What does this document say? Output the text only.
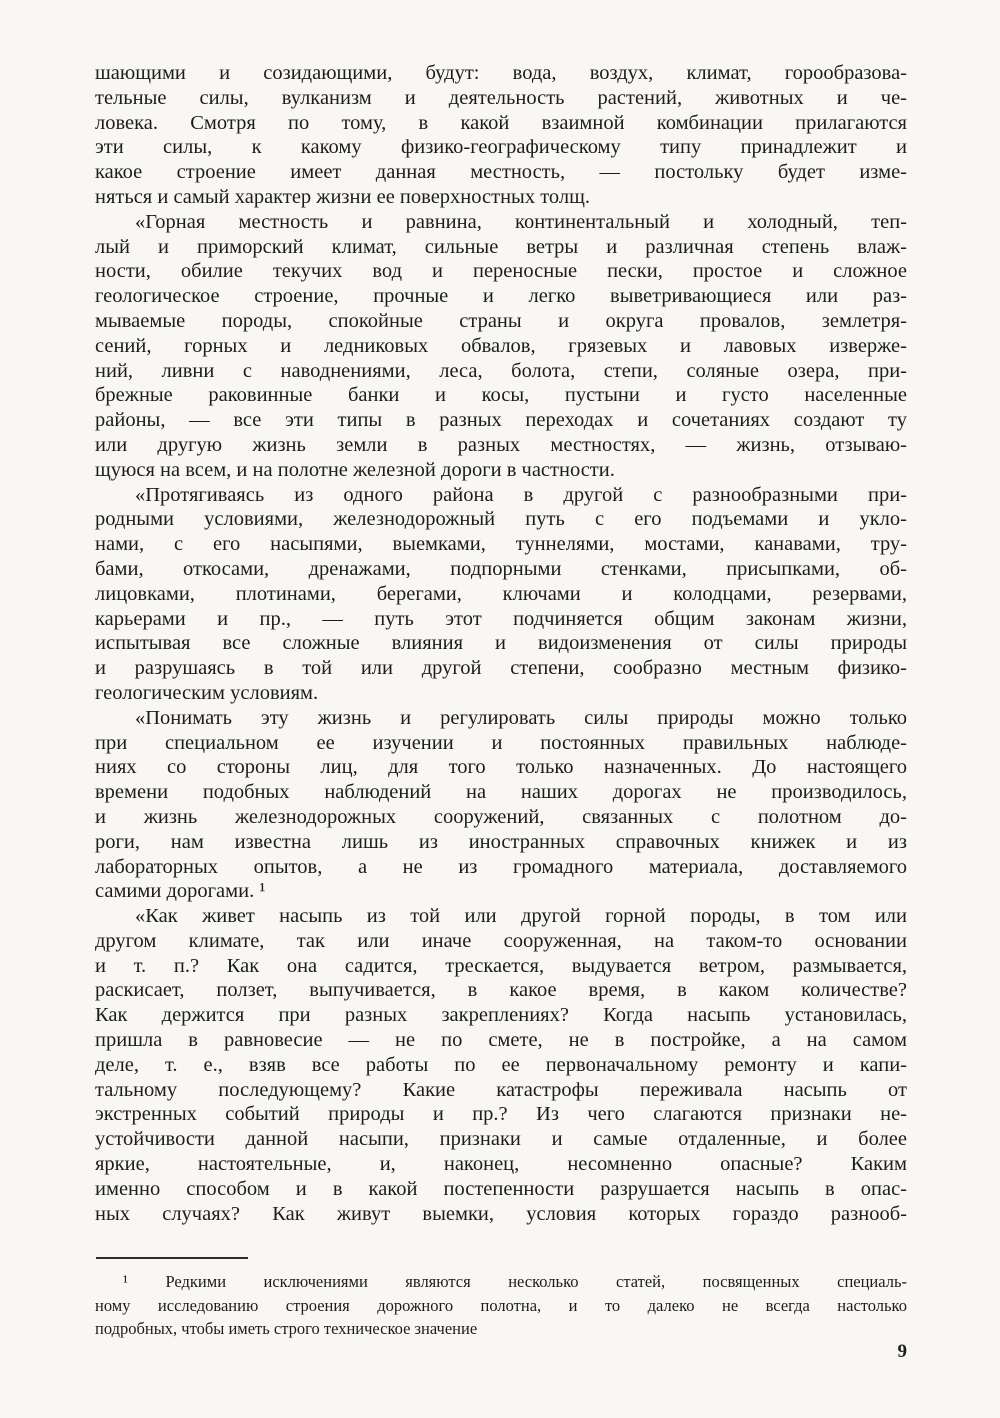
шающими и созидающими, будут: вода, воздух, климат, горообразова-
тельные силы, вулканизм и деятельность растений, животных и че-
ловека. Смотря по тому, в какой взаимной комбинации прилагаются
эти силы, к какому физико-географическому типу принадлежит и
какое строение имеет данная местность, — постольку будет изме-
няться и самый характер жизни ее поверхностных толщ.
«Горная местность и равнина, континентальный и холодный, теп-
лый и приморский климат, сильные ветры и различная степень влаж-
ности, обилие текучих вод и переносные пески, простое и сложное
геологическое строение, прочные и легко выветривающиеся или раз-
мываемые породы, спокойные страны и округа провалов, землетря-
сений, горных и ледниковых обвалов, грязевых и лавовых изверже-
ний, ливни с наводнениями, леса, болота, степи, соляные озера, при-
брежные раковинные банки и косы, пустыни и густо населенные
районы, — все эти типы в разных переходах и сочетаниях создают ту
или другую жизнь земли в разных местностях, — жизнь, отзываю-
щуюся на всем, и на полотне железной дороги в частности.
«Протягиваясь из одного района в другой с разнообразными при-
родными условиями, железнодорожный путь с его подъемами и укло-
нами, с его насыпями, выемками, туннелями, мостами, канавами, тру-
бами, откосами, дренажами, подпорными стенками, присыпками, об-
лицовками, плотинами, берегами, ключами и колодцами, резервами,
карьерами и пр., — путь этот подчиняется общим законам жизни,
испытывая все сложные влияния и видоизменения от силы природы
и разрушаясь в той или другой степени, сообразно местным физико-
геологическим условиям.
«Понимать эту жизнь и регулировать силы природы можно только
при специальном ее изучении и постоянных правильных наблюде-
ниях со стороны лиц, для того только назначенных. До настоящего
времени подобных наблюдений на наших дорогах не производилось,
и жизнь железнодорожных сооружений, связанных с полотном до-
роги, нам известна лишь из иностранных справочных книжек и из
лабораторных опытов, а не из громадного материала, доставляемого
самими дорогами. ¹
«Как живет насыпь из той или другой горной породы, в том или
другом климате, так или иначе сооруженная, на таком-то основании
и т. п.? Как она садится, трескается, выдувается ветром, размывается,
раскисает, ползет, выпучивается, в какое время, в каком количестве?
Как держится при разных закреплениях? Когда насыпь установилась,
пришла в равновесие — не по смете, не в постройке, а на самом
деле, т. е., взяв все работы по ее первоначальному ремонту и капи-
тальному последующему? Какие катастрофы переживала насыпь от
экстренных событий природы и пр.? Из чего слагаются признаки не-
устойчивости данной насыпи, признаки и самые отдаленные, и более
яркие, настоятельные, и, наконец, несомненно опасные? Каким
именно способом и в какой постепенности разрушается насыпь в опас-
ных случаях? Как живут выемки, условия которых гораздо разнооб-
¹ Редкими исключениями являются несколько статей, посвященных специаль-
ному исследованию строения дорожного полотна, и то далеко не всегда настолько
подробных, чтобы иметь строго техническое значение
9
